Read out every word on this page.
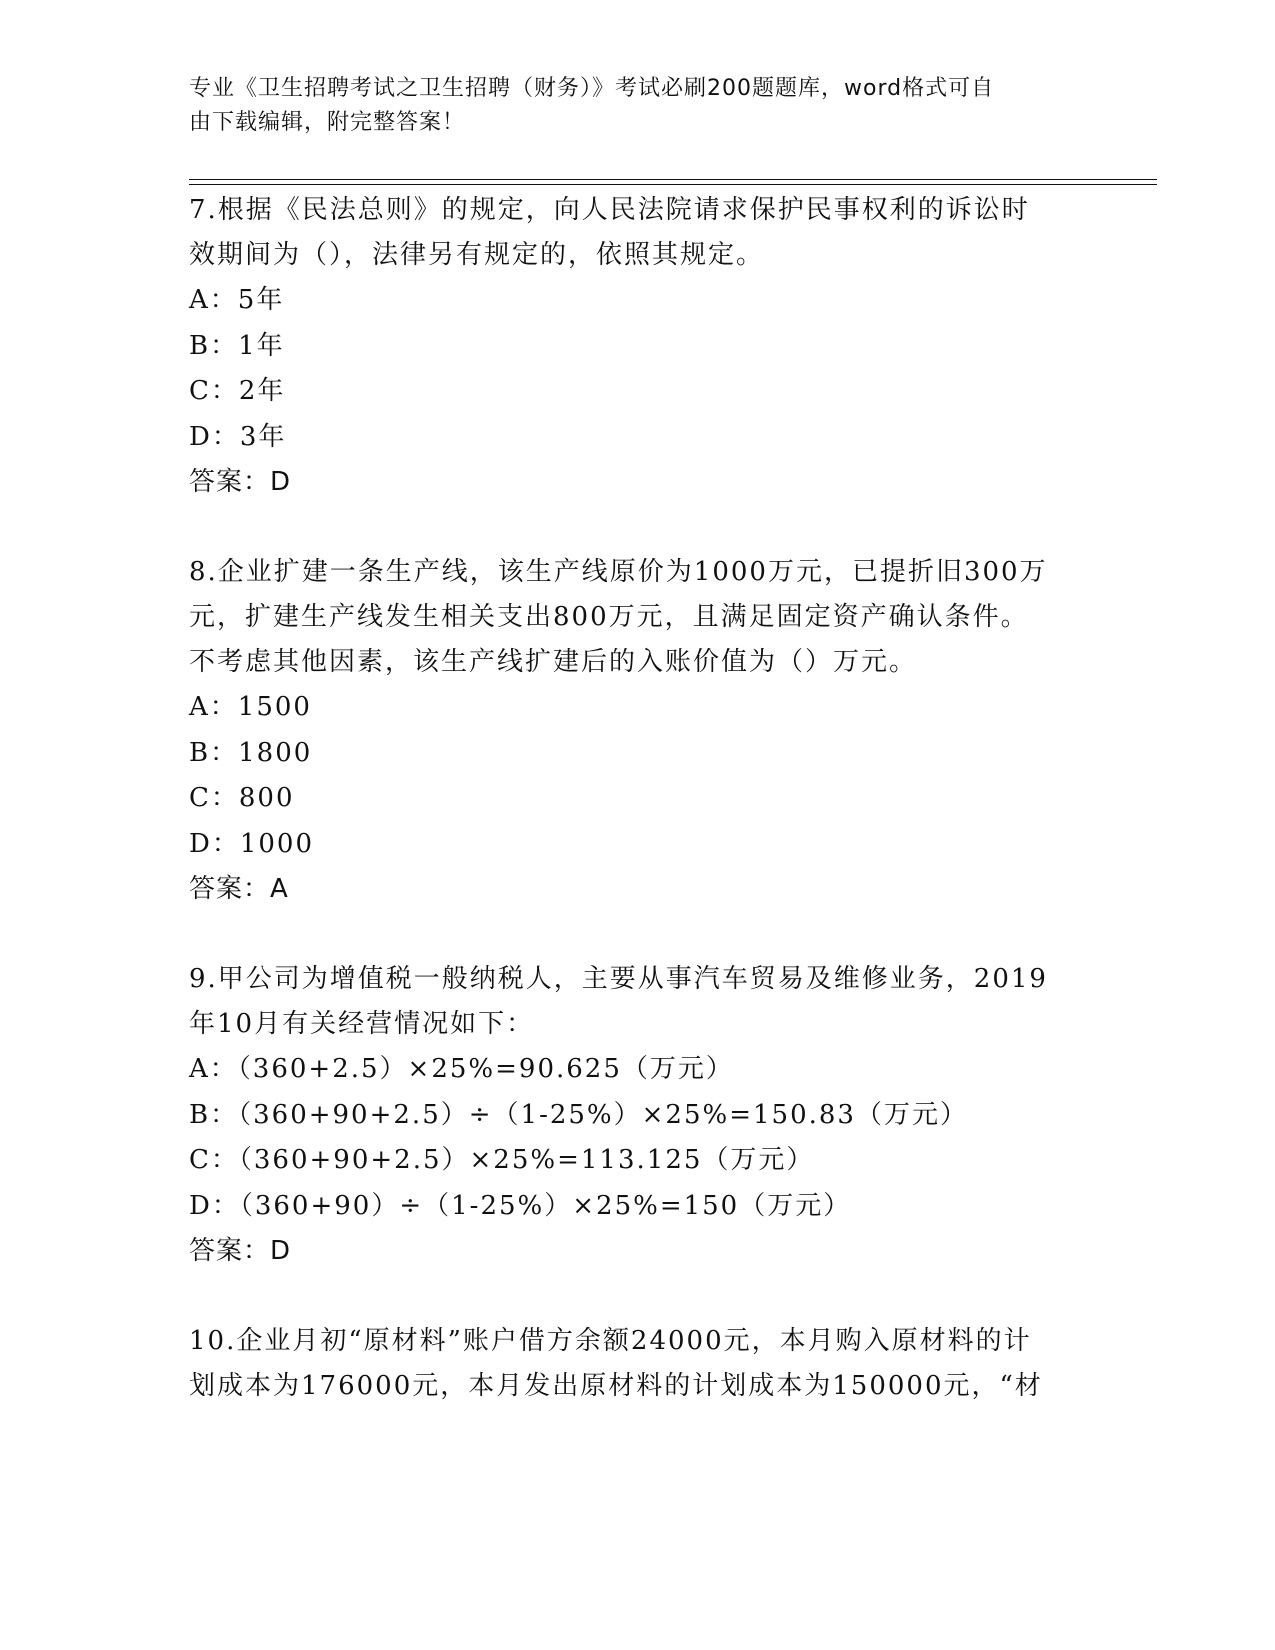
专业《卫生招聘考试之卫生招聘（财务）》考试必刷200题题库，word格式可自
由下载编辑，附完整答案！
7.根据《民法总则》的规定，向人民法院请求保护民事权利的诉讼时
效期间为（），法律另有规定的，依照其规定。
A：5年
B：1年
C：2年
D：3年
答案：D
8.企业扩建一条生产线，该生产线原价为1000万元，已提折旧300万
元，扩建生产线发生相关支出800万元，且满足固定资产确认条件。
不考虑其他因素，该生产线扩建后的入账价值为（）万元。
A：1500
B：1800
C：800
D：1000
答案：A
9.甲公司为增值税一般纳税人，主要从事汽车贸易及维修业务，2019
年10月有关经营情况如下：
A：（360+2.5）×25%=90.625（万元）
B：（360+90+2.5）÷（1-25%）×25%=150.83（万元）
C：（360+90+2.5）×25%=113.125（万元）
D：（360+90）÷（1-25%）×25%=150（万元）
答案：D
10.企业月初“原材料”账户借方余额24000元，本月购入原材料的计
划成本为176000元，本月发出原材料的计划成本为150000元，“材
